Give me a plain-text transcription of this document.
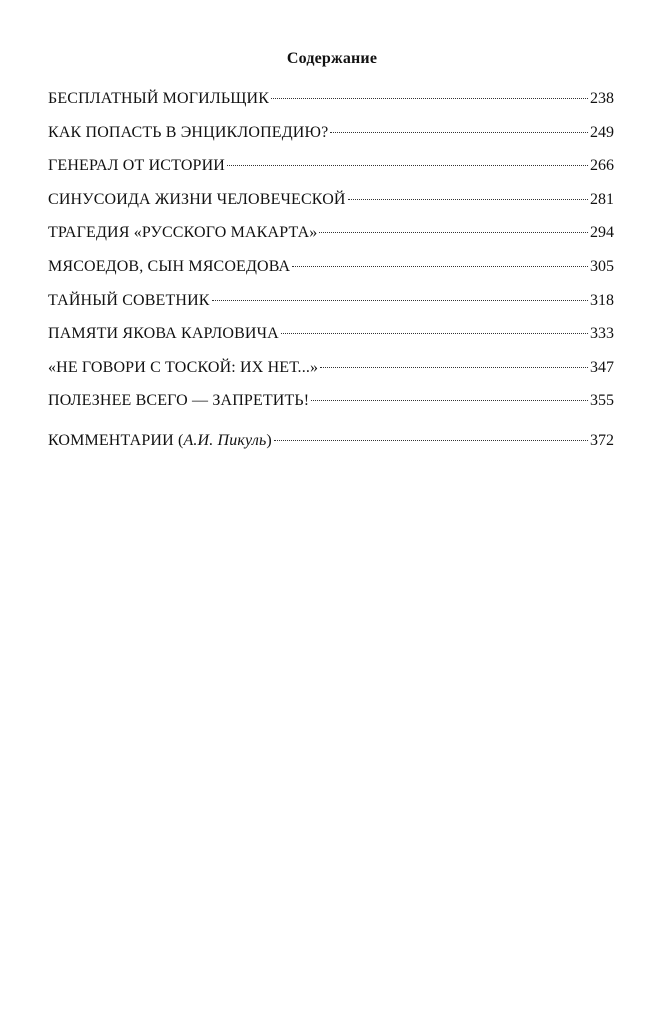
Содержание
БЕСПЛАТНЫЙ МОГИЛЬЩИК	238
КАК ПОПАСТЬ В ЭНЦИКЛОПЕДИЮ?	249
ГЕНЕРАЛ ОТ ИСТОРИИ	266
СИНУСОИДА ЖИЗНИ ЧЕЛОВЕЧЕСКОЙ	281
ТРАГЕДИЯ «РУССКОГО МАКАРТА»	294
МЯСОЕДОВ, СЫН МЯСОЕДОВА	305
ТАЙНЫЙ СОВЕТНИК	318
ПАМЯТИ ЯКОВА КАРЛОВИЧА	333
«НЕ ГОВОРИ С ТОСКОЙ: ИХ НЕТ...»	347
ПОЛЕЗНЕЕ ВСЕГО — ЗАПРЕТИТЬ!	355
КОММЕНТАРИИ (А.И. Пикуль)	372
